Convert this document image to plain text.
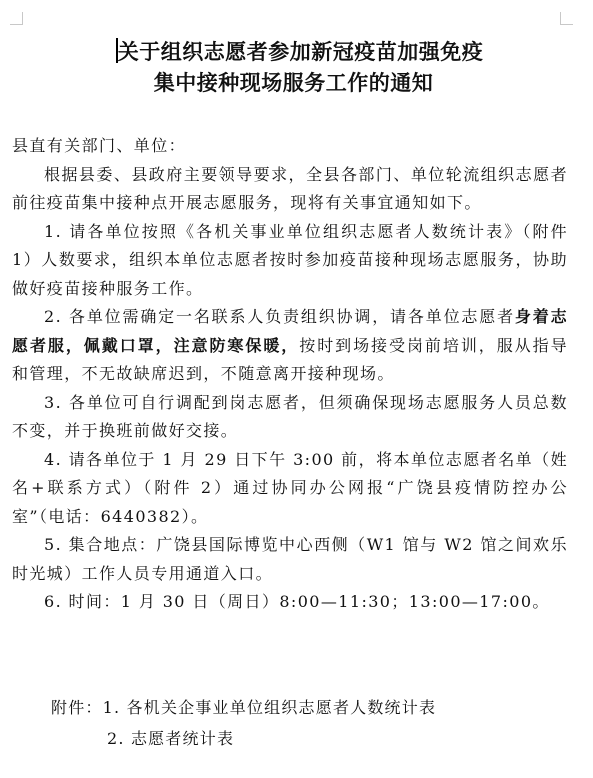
关于组织志愿者参加新冠疫苗加强免疫
集中接种现场服务工作的通知

县直有关部门、单位：

根据县委、县政府主要领导要求，全县各部门、单位轮流组织志愿者前往疫苗集中接种点开展志愿服务，现将有关事宜通知如下。

1. 请各单位按照《各机关事业单位组织志愿者人数统计表》（附件 1）人数要求，组织本单位志愿者按时参加疫苗接种现场志愿服务，协助做好疫苗接种服务工作。

2. 各单位需确定一名联系人负责组织协调，请各单位志愿者身着志愿者服，佩戴口罩，注意防寒保暖，按时到场接受岗前培训，服从指导和管理，不无故缺席迟到，不随意离开接种现场。

3. 各单位可自行调配到岗志愿者，但须确保现场志愿服务人员总数不变，并于换班前做好交接。

4. 请各单位于 1 月 29 日下午 3:00 前，将本单位志愿者名单（姓名+联系方式）（附件 2）通过协同办公网报“广饶县疫情防控办公室”（电话：6440382）。

5. 集合地点：广饶县国际博览中心西侧（W1 馆与 W2 馆之间欢乐时光城）工作人员专用通道入口。

6. 时间：1 月 30 日（周日）8:00—11:30；13:00—17:00。

附件：1. 各机关企事业单位组织志愿者人数统计表
2. 志愿者统计表
